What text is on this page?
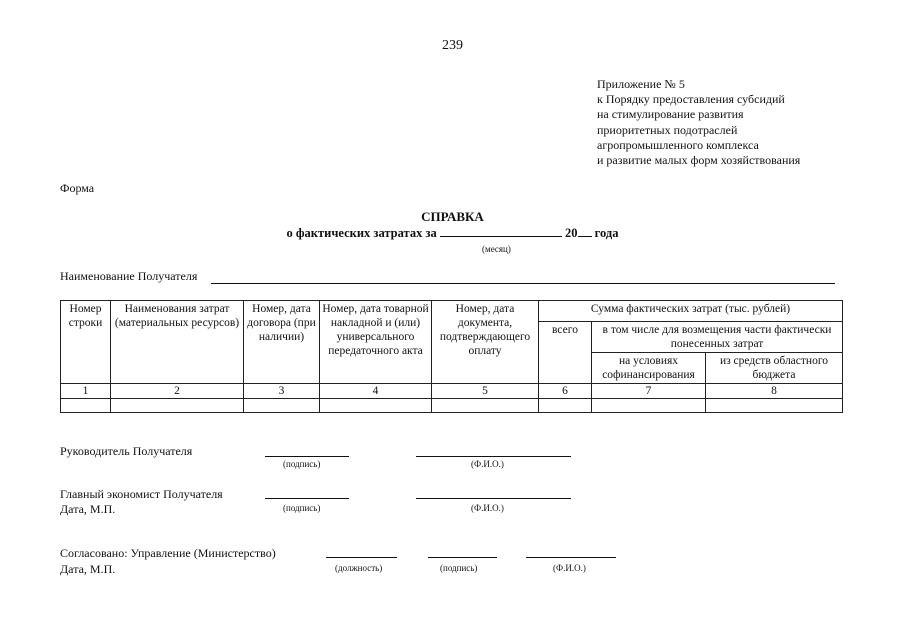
239
Приложение № 5
к Порядку предоставления субсидий
на стимулирование развития
приоритетных подотраслей
агропромышленного комплекса
и развитие малых форм хозяйствования
Форма
СПРАВКА
о фактических затратах за	20 года
(месяц)
Наименование Получателя
Номер строки	Наименования затрат (материальных ресурсов)	Номер, дата договора (при наличии)	Номер, дата товарной накладной и (или) универсального передаточного акта	Номер, дата документа, подтверждающего оплату	Сумма фактических затрат (тыс. рублей)		
					всего	в том числе для возмещения части фактически понесенных затрат	
						на условиях софинансирования	из средств областного бюджета
1	2	3	4	5	6	7	8

Руководитель Получателя
(подпись)	(Ф.И.О.)
Главный экономист Получателя
Дата, М.П.	(подпись)	(Ф.И.О.)
Согласовано: Управление (Министерство)
Дата, М.П.	(должность)	(подпись)	(Ф.И.О.)
